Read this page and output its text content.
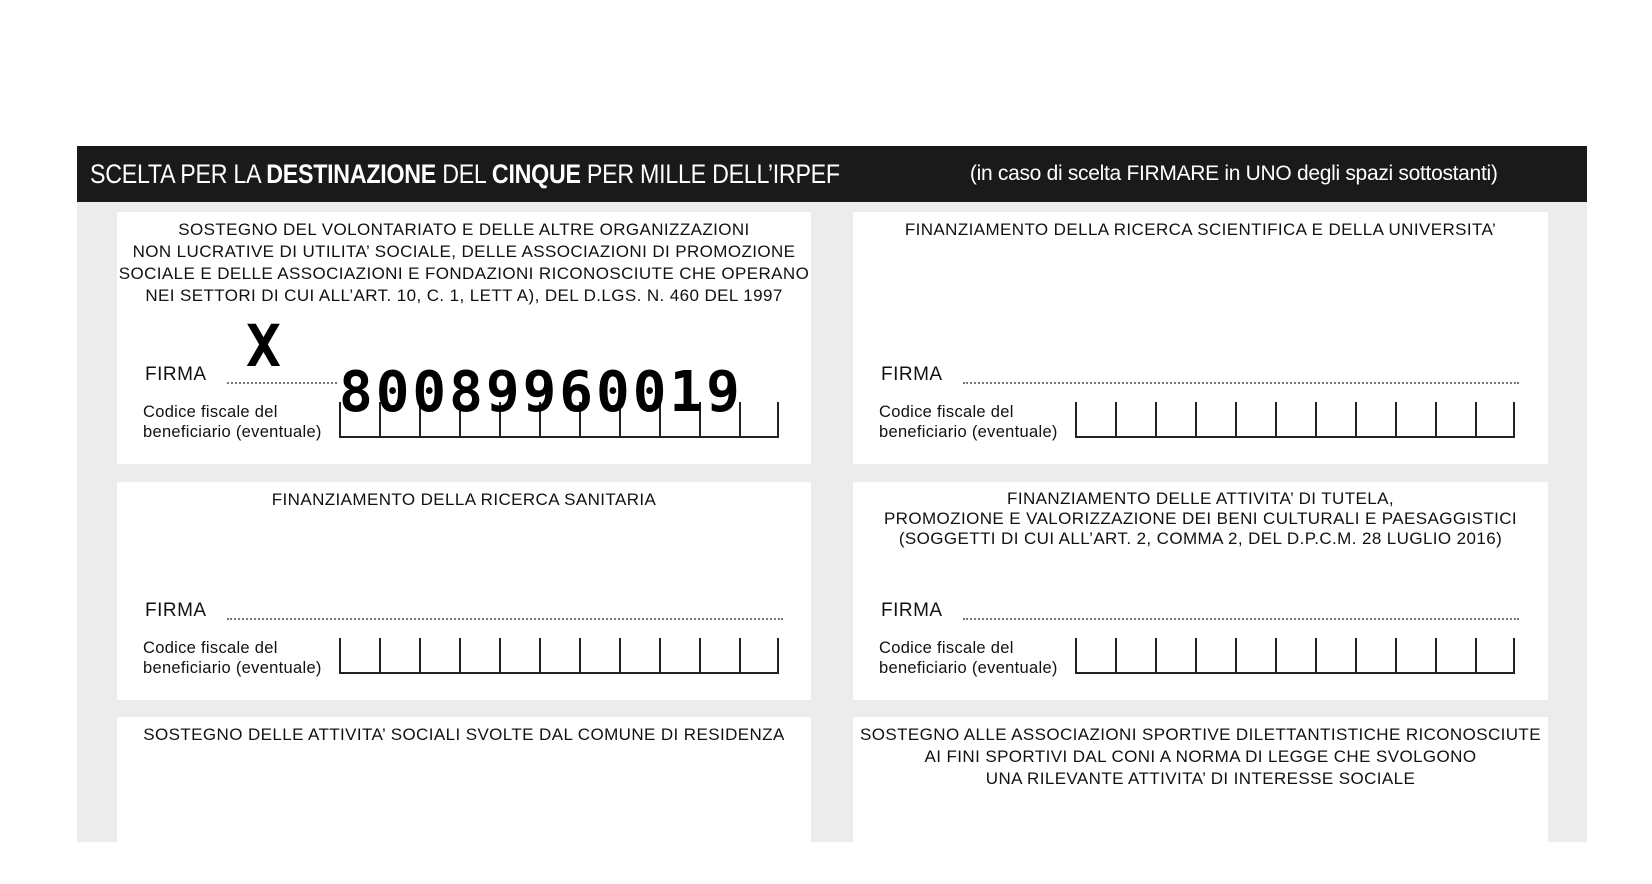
SCELTA PER LA DESTINAZIONE DEL CINQUE PER MILLE DELL’IRPEF	(in caso di scelta FIRMARE in UNO degli spazi sottostanti)
SOSTEGNO DEL VOLONTARIATO E DELLE ALTRE ORGANIZZAZIONI
NON LUCRATIVE DI UTILITA’ SOCIALE, DELLE ASSOCIAZIONI DI PROMOZIONE
SOCIALE E DELLE ASSOCIAZIONI E FONDAZIONI RICONOSCIUTE CHE OPERANO
NEI SETTORI DI CUI ALL’ART. 10, C. 1, LETT A), DEL D.LGS. N. 460 DEL 1997
FIRMA
Codice fiscale del
beneficiario (eventuale)
FINANZIAMENTO DELLA RICERCA SCIENTIFICA E DELLA UNIVERSITA’
FIRMA
Codice fiscale del
beneficiario (eventuale)
FINANZIAMENTO DELLA RICERCA SANITARIA
FIRMA
Codice fiscale del
beneficiario (eventuale)
FINANZIAMENTO DELLE ATTIVITA’ DI TUTELA,
PROMOZIONE E VALORIZZAZIONE DEI BENI CULTURALI E PAESAGGISTICI
(SOGGETTI DI CUI ALL’ART. 2, COMMA 2, DEL D.P.C.M. 28 LUGLIO 2016)
FIRMA
Codice fiscale del
beneficiario (eventuale)
SOSTEGNO DELLE ATTIVITA’ SOCIALI SVOLTE DAL COMUNE DI RESIDENZA	SOSTEGNO ALLE ASSOCIAZIONI SPORTIVE DILETTANTISTICHE RICONOSCIUTE
AI FINI SPORTIVI DAL CONI A NORMA DI LEGGE CHE SVOLGONO
UNA RILEVANTE ATTIVITA’ DI INTERESSE SOCIALE
X
80089960019
